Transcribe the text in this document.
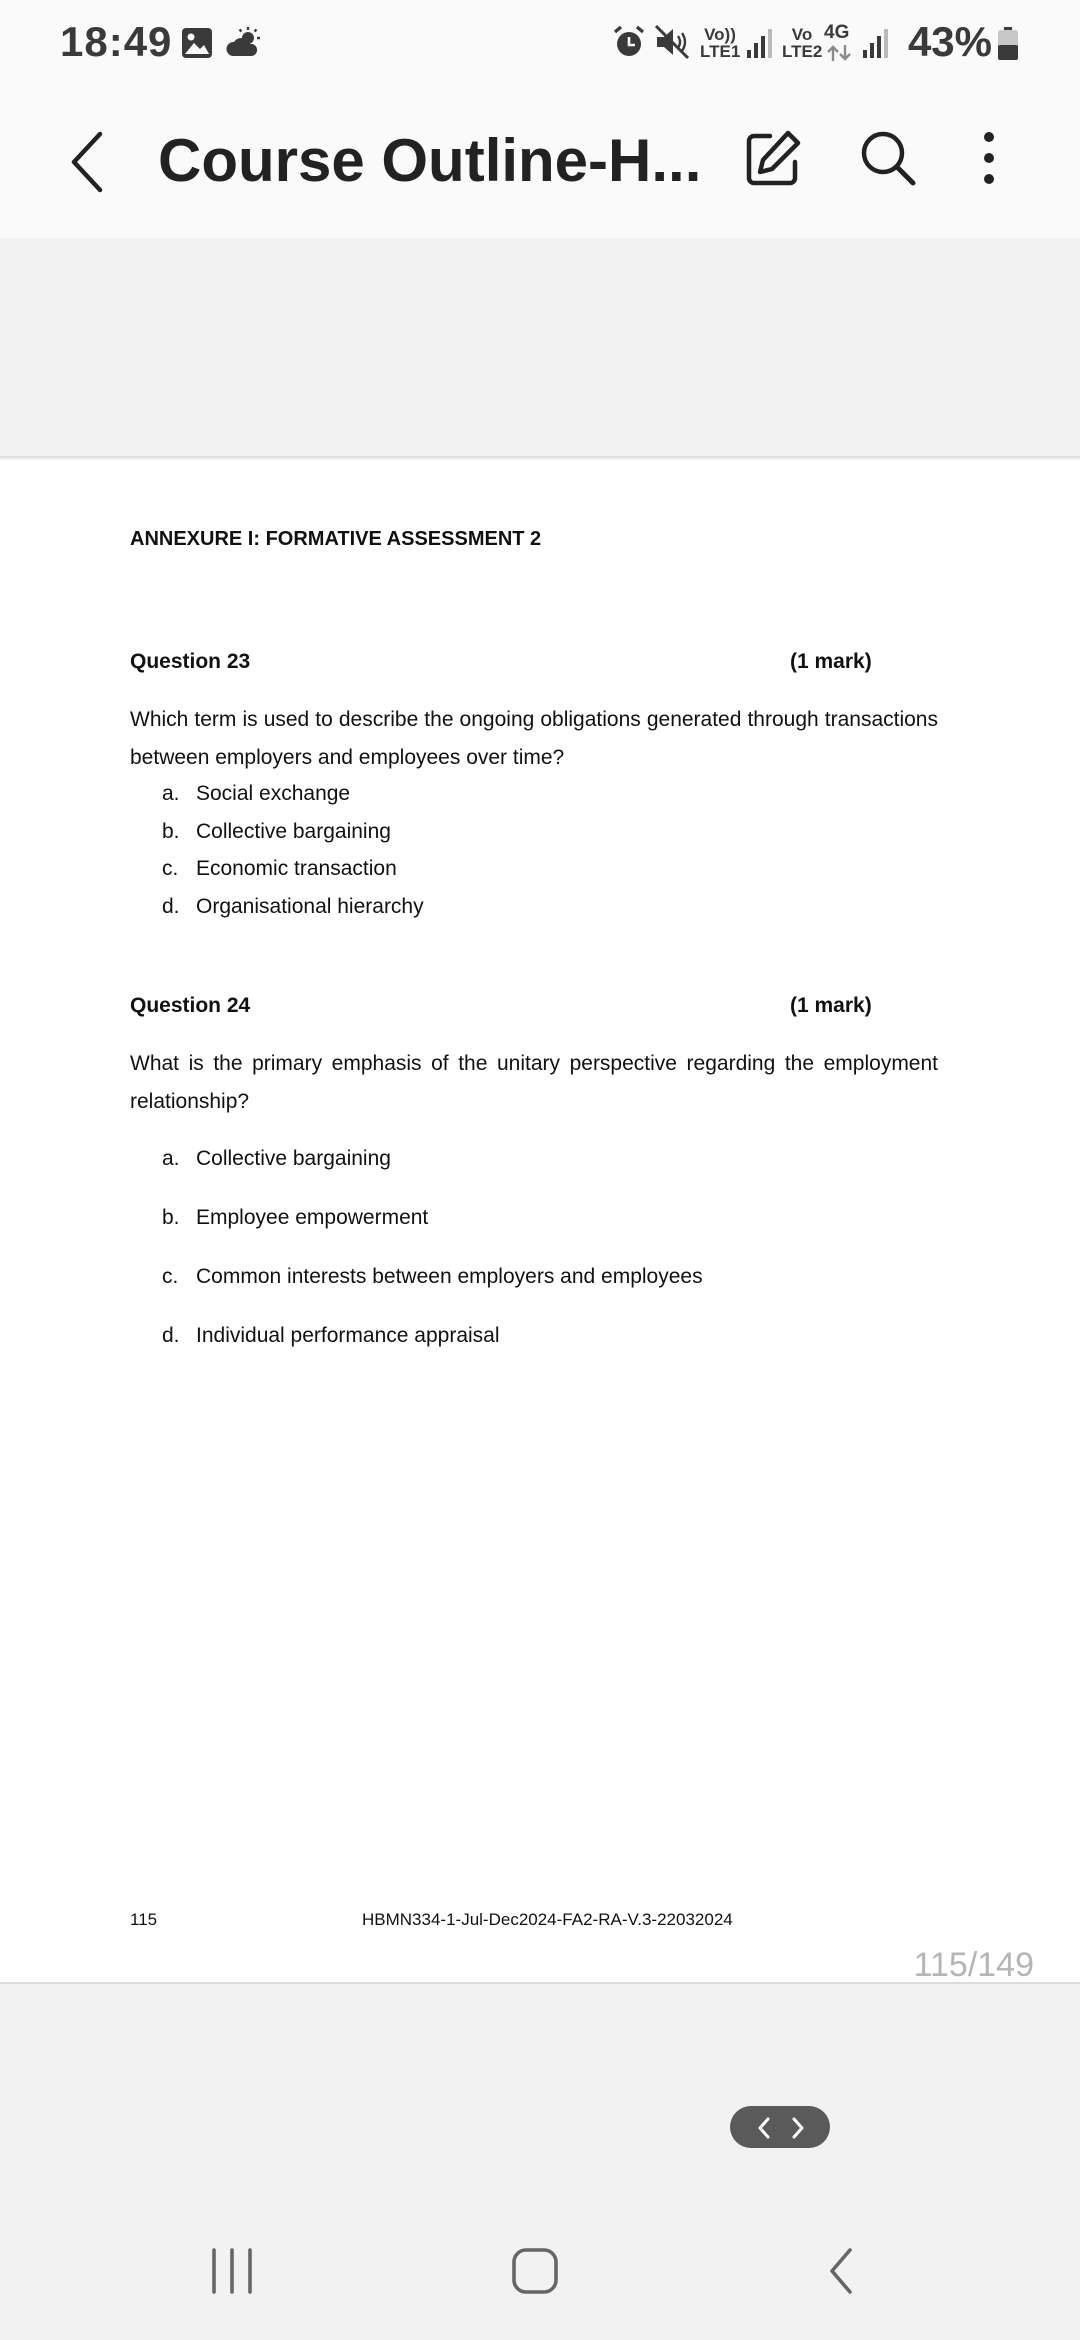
18:49	Vo))
LTE1
Vo
LTE2
4G 43%
Course Outline-H...
ANNEXURE I: FORMATIVE ASSESSMENT 2
Question 23	(1 mark)
Which term is used to describe the ongoing obligations generated through transactions between employers and employees over time?
a. Social exchange
b. Collective bargaining
c. Economic transaction
d. Organisational hierarchy
Question 24	(1 mark)
What is the primary emphasis of the unitary perspective regarding the employment relationship?
a. Collective bargaining
b. Employee empowerment
c. Common interests between employers and employees
d. Individual performance appraisal
115	HBMN334-1-Jul-Dec2024-FA2-RA-V.3-22032024
115/149
